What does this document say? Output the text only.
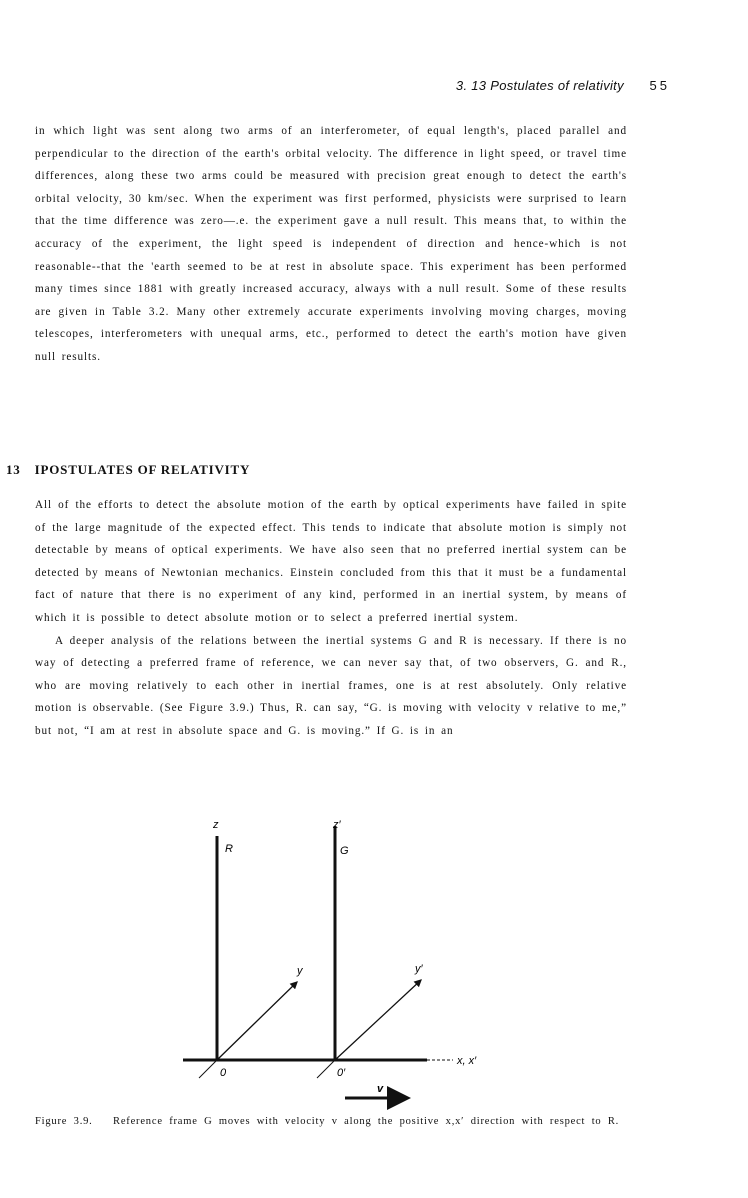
3. 13 Postulates of relativity 55

in which light was sent along two arms of an interferometer, of equal length's, placed parallel and perpendicular to the direction of the earth's orbital velocity. The difference in light speed, or travel time differences, along these two arms could be measured with precision great enough to detect the earth's orbital velocity, 30 km/sec. When the experiment was first performed, physicists were surprised to learn that the time difference was zero—.e. the experiment gave a null result. This means that, to within the accuracy of the experiment, the light speed is independent of direction and hence-which is not reasonable--that the 'earth seemed to be at rest in absolute space. This experiment has been performed many times since 1881 with greatly increased accuracy, always with a null result. Some of these results are given in Table 3.2. Many other extremely accurate experiments involving moving charges, moving telescopes, interferometers with unequal arms, etc., performed to detect the earth's motion have given null results.

13 IPOSTULATES OF RELATIVITY

All of the efforts to detect the absolute motion of the earth by optical experiments have failed in spite of the large magnitude of the expected effect. This tends to indicate that absolute motion is simply not detectable by means of optical experiments. We have also seen that no preferred inertial system can be detected by means of Newtonian mechanics. Einstein concluded from this that it must be a fundamental fact of nature that there is no experiment of any kind, performed in an inertial system, by means of which it is possible to detect absolute motion or to select a preferred inertial system.

A deeper analysis of the relations between the inertial systems G and R is necessary. If there is no way of detecting a preferred frame of reference, we can never say that, of two observers, G. and R., who are moving relatively to each other in inertial frames, one is at rest absolutely. Only relative motion is observable. (See Figure 3.9.) Thus, R. can say, “G. is moving with velocity v relative to me,” but not, “I am at rest in absolute space and G. is moving.” If G. is in an

z	z′
R	G
y	y′
x, x′
0	0′
v
Figure 3.9. Reference frame G moves with velocity v along the positive x,x′ direction with respect to R.
